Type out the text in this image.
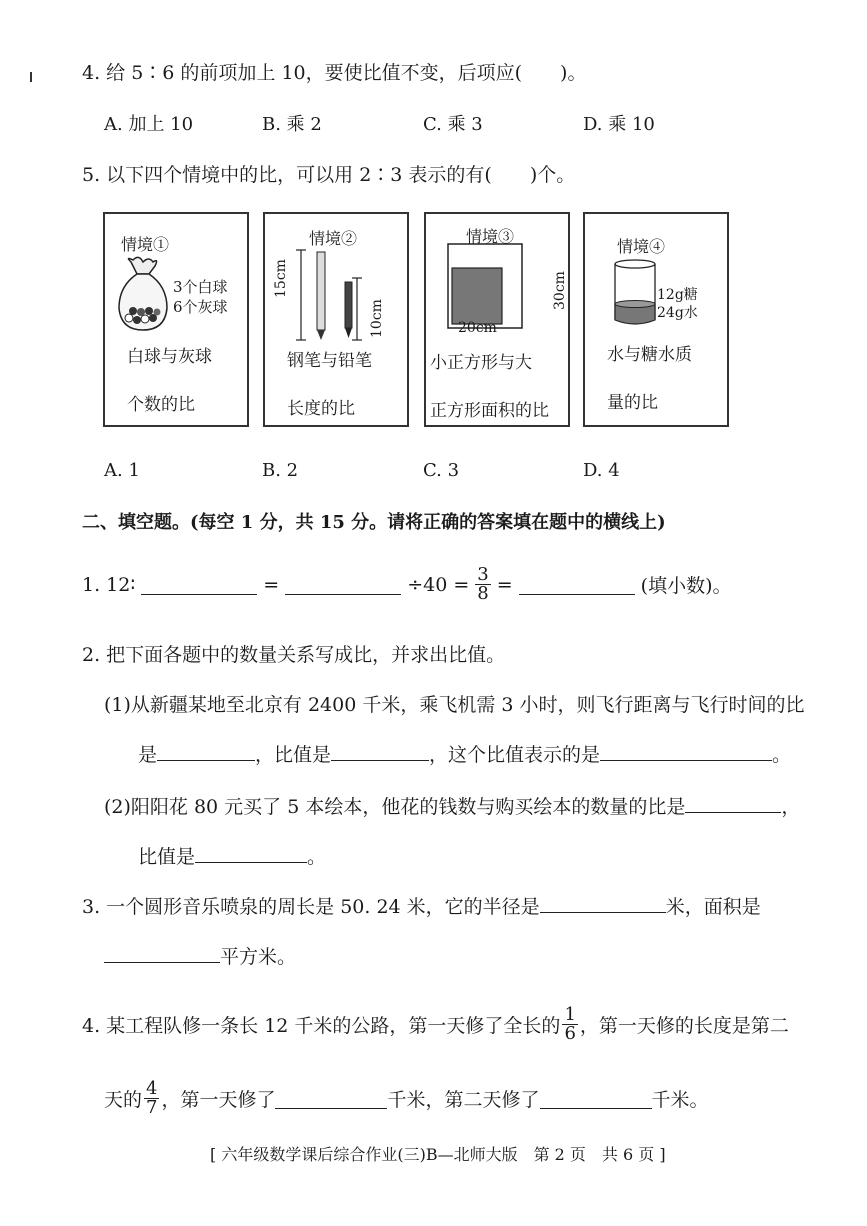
4. 给 5∶6 的前项加上 10，要使比值不变，后项应(　　)。
A. 加上 10	B. 乘 2	C. 乘 3	D. 乘 10
5. 以下四个情境中的比，可以用 2∶3 表示的有(　　)个。
情境①
3个白球
6个灰球
白球与灰球
个数的比
情境②
15cm
10cm
钢笔与铅笔
长度的比
情境③
20cm
30cm
小正方形与大
正方形面积的比
情境④
12g糖
24g水
水与糖水质
量的比
A. 1	B. 2	C. 3	D. 4
二、填空题。(每空 1 分，共 15 分。请将正确的答案填在题中的横线上)
1. 12∶	=	$\div 40 = \frac{3}{8}$ =	(填小数)。
2. 把下面各题中的数量关系写成比，并求出比值。
(1)从新疆某地至北京有 2400 千米，乘飞机需 3 小时，则飞行距离与飞行时间的比
是	，比值是	，这个比值表示的是	。
(2)阳阳花 80 元买了 5 本绘本，他花的钱数与购买绘本的数量的比是	，
比值是	。
3. 一个圆形音乐喷泉的周长是 50. 24 米，它的半径是	米，面积是
平方米。
4. 某工程队修一条长 12 千米的公路，第一天修了全长的 $\frac{1}{6}$ ，第一天修的长度是第二
天的 $\frac{4}{7}$ ，第一天修了	千米，第二天修了	千米。
[ 六年级数学课后综合作业(三)B—北师大版　第 2 页　共 6 页 ]
